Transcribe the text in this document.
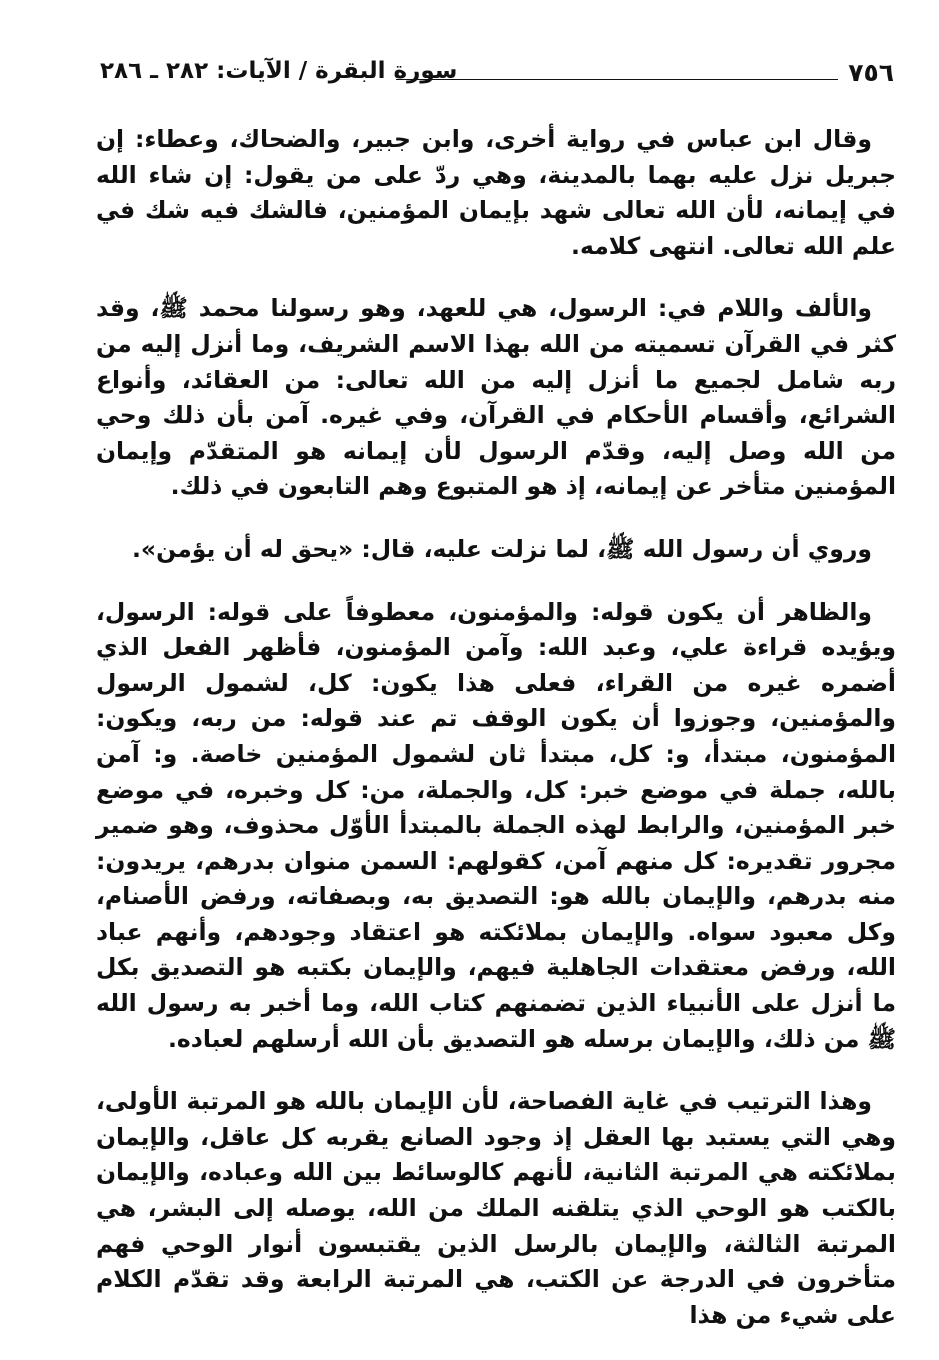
٧٥٦
سورة البقرة / الآيات: ٢٨٢ ـ ٢٨٦

وقال ابن عباس في رواية أخرى، وابن جبير، والضحاك، وعطاء: إن جبريل نزل عليه بهما بالمدينة، وهي ردّ على من يقول: إن شاء الله في إيمانه، لأن الله تعالى شهد بإيمان المؤمنين، فالشك فيه شك في علم الله تعالى. انتهى كلامه.

والألف واللام في: الرسول، هي للعهد، وهو رسولنا محمد ﷺ، وقد كثر في القرآن تسميته من الله بهذا الاسم الشريف، وما أنزل إليه من ربه شامل لجميع ما أنزل إليه من الله تعالى: من العقائد، وأنواع الشرائع، وأقسام الأحكام في القرآن، وفي غيره. آمن بأن ذلك وحي من الله وصل إليه، وقدّم الرسول لأن إيمانه هو المتقدّم وإيمان المؤمنين متأخر عن إيمانه، إذ هو المتبوع وهم التابعون في ذلك.

وروي أن رسول الله ﷺ، لما نزلت عليه، قال: «يحق له أن يؤمن».

والظاهر أن يكون قوله: والمؤمنون، معطوفاً على قوله: الرسول، ويؤيده قراءة علي، وعبد الله: وآمن المؤمنون، فأظهر الفعل الذي أضمره غيره من القراء، فعلى هذا يكون: كل، لشمول الرسول والمؤمنين، وجوزوا أن يكون الوقف تم عند قوله: من ربه، ويكون: المؤمنون، مبتدأ، و: كل، مبتدأ ثان لشمول المؤمنين خاصة. و: آمن بالله، جملة في موضع خبر: كل، والجملة، من: كل وخبره، في موضع خبر المؤمنين، والرابط لهذه الجملة بالمبتدأ الأوّل محذوف، وهو ضمير مجرور تقديره: كل منهم آمن، كقولهم: السمن منوان بدرهم، يريدون: منه بدرهم، والإيمان بالله هو: التصديق به، وبصفاته، ورفض الأصنام، وكل معبود سواه. والإيمان بملائكته هو اعتقاد وجودهم، وأنهم عباد الله، ورفض معتقدات الجاهلية فيهم، والإيمان بكتبه هو التصديق بكل ما أنزل على الأنبياء الذين تضمنهم كتاب الله، وما أخبر به رسول الله ﷺ من ذلك، والإيمان برسله هو التصديق بأن الله أرسلهم لعباده.

وهذا الترتيب في غاية الفصاحة، لأن الإيمان بالله هو المرتبة الأولى، وهي التي يستبد بها العقل إذ وجود الصانع يقربه كل عاقل، والإيمان بملائكته هي المرتبة الثانية، لأنهم كالوسائط بين الله وعباده، والإيمان بالكتب هو الوحي الذي يتلقنه الملك من الله، يوصله إلى البشر، هي المرتبة الثالثة، والإيمان بالرسل الذين يقتبسون أنوار الوحي فهم متأخرون في الدرجة عن الكتب، هي المرتبة الرابعة وقد تقدّم الكلام على شيء من هذا
